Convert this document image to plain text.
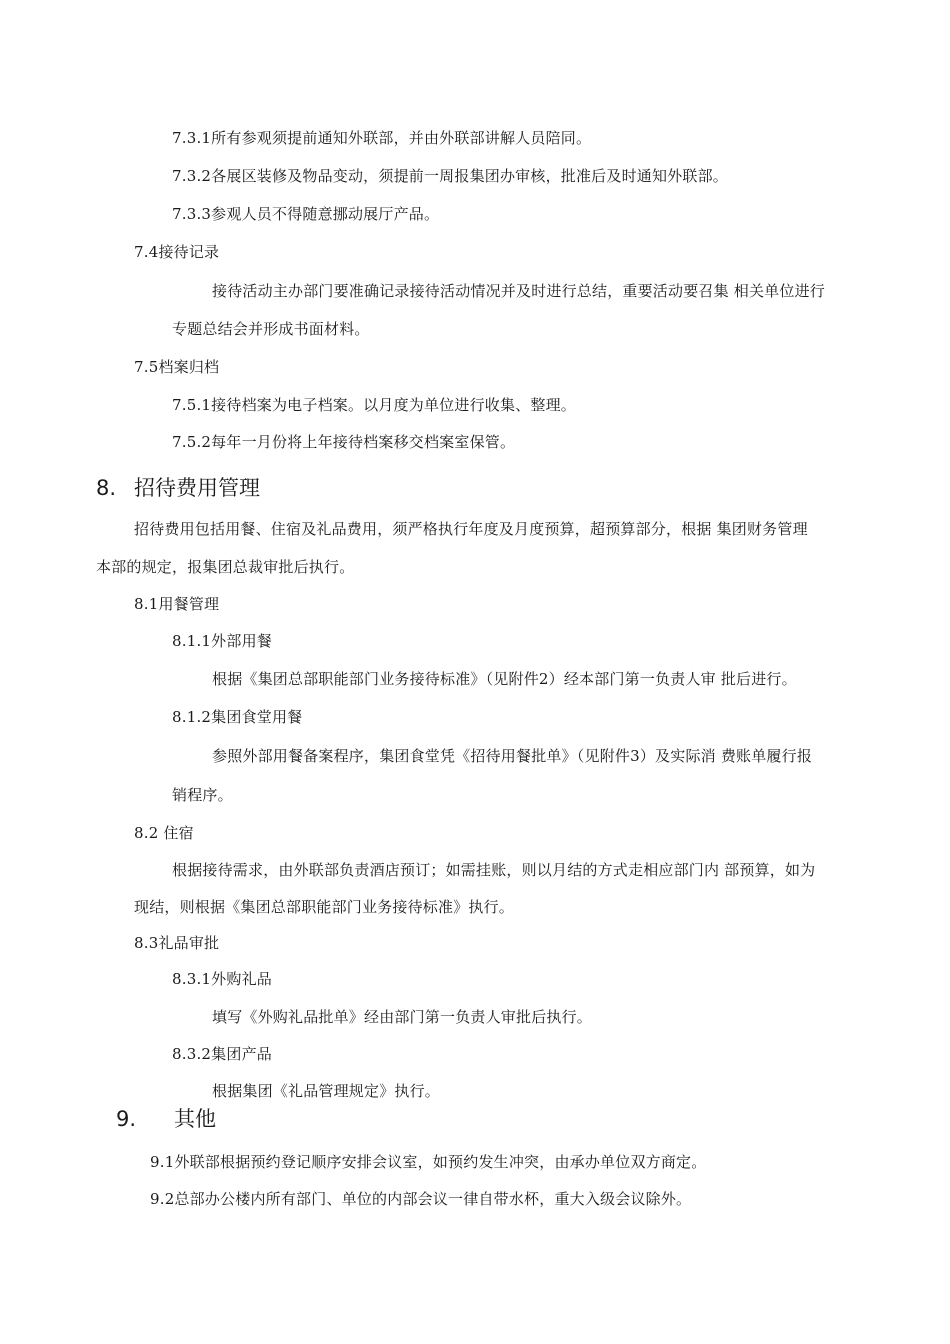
7.3.1所有参观须提前通知外联部，并由外联部讲解人员陪同。
7.3.2各展区装修及物品变动，须提前一周报集团办审核，批准后及时通知外联部。
7.3.3参观人员不得随意挪动展厅产品。
7.4接待记录
接待活动主办部门要准确记录接待活动情况并及时进行总结，重要活动要召集 相关单位进行
专题总结会并形成书面材料。
7.5档案归档
7.5.1接待档案为电子档案。以月度为单位进行收集、整理。
7.5.2每年一月份将上年接待档案移交档案室保管。
8. 招待费用管理
招待费用包括用餐、住宿及礼品费用，须严格执行年度及月度预算，超预算部分，根据 集团财务管理
本部的规定，报集团总裁审批后执行。
8.1用餐管理
8.1.1外部用餐
根据《集团总部职能部门业务接待标准》（见附件2）经本部门第一负责人审 批后进行。
8.1.2集团食堂用餐
参照外部用餐备案程序，集团食堂凭《招待用餐批单》（见附件3）及实际消 费账单履行报
销程序。
8.2 住宿
根据接待需求，由外联部负责酒店预订；如需挂账，则以月结的方式走相应部门内 部预算，如为
现结，则根据《集团总部职能部门业务接待标准》执行。
8.3礼品审批
8.3.1外购礼品
填写《外购礼品批单》经由部门第一负责人审批后执行。
8.3.2集团产品
根据集团《礼品管理规定》执行。
9. 其他
9.1外联部根据预约登记顺序安排会议室，如预约发生冲突，由承办单位双方商定。
9.2总部办公楼内所有部门、单位的内部会议一律自带水杯，重大入级会议除外。
